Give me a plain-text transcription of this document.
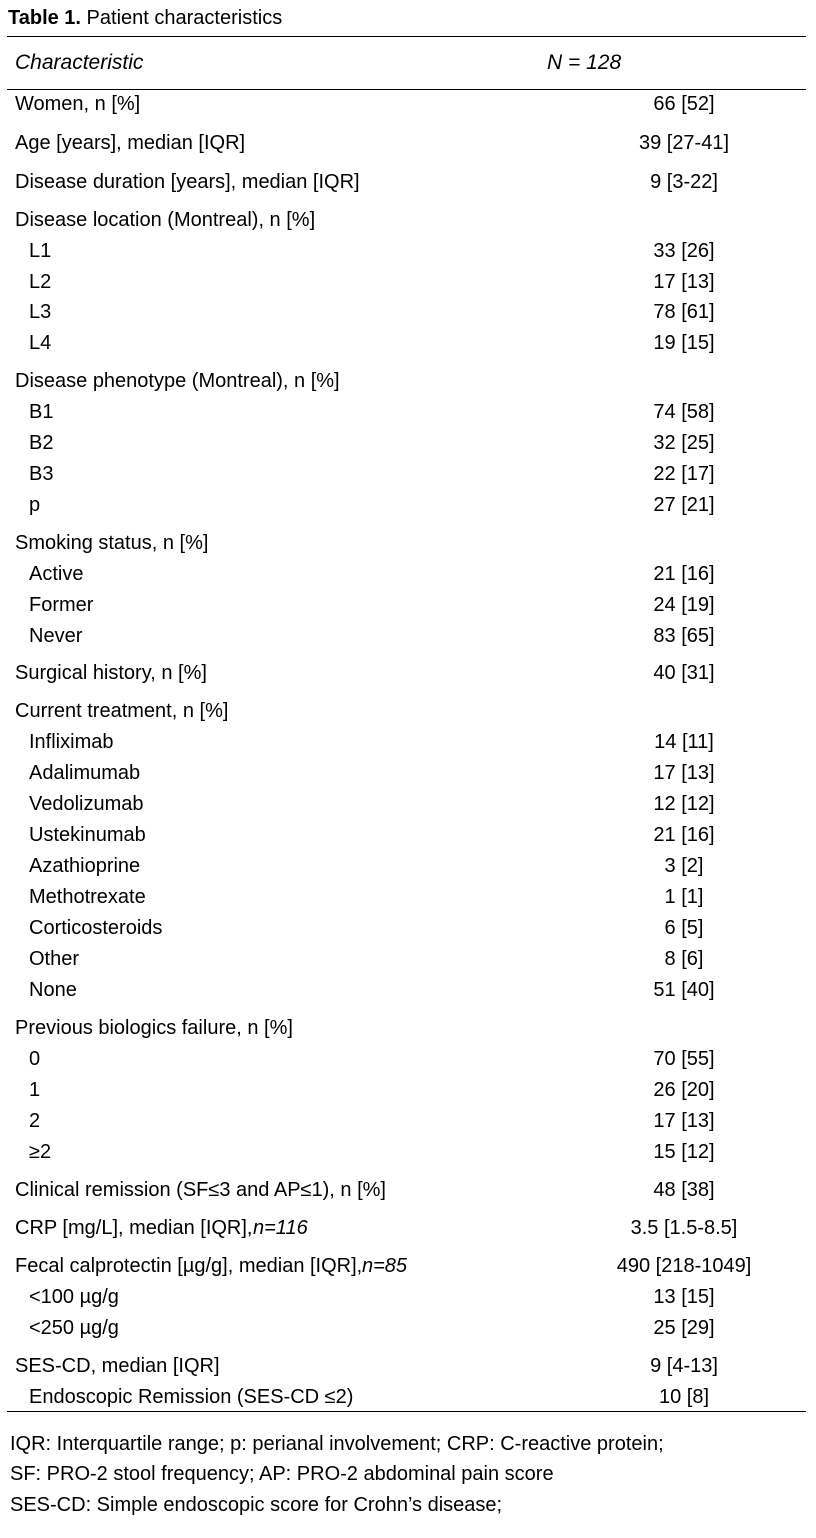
Table 1. Patient characteristics
Characteristic	N = 128
Women, n [%]	66 [52]
Age [years], median [IQR]	39 [27-41]
Disease duration [years], median [IQR]	9 [3-22]
Disease location (Montreal), n [%]
L1	33 [26]
L2	17 [13]
L3	78 [61]
L4	19 [15]
Disease phenotype (Montreal), n [%]
B1	74 [58]
B2	32 [25]
B3	22 [17]
p	27 [21]
Smoking status, n [%]
Active	21 [16]
Former	24 [19]
Never	83 [65]
Surgical history, n [%]	40 [31]
Current treatment, n [%]
Infliximab	14 [11]
Adalimumab	17 [13]
Vedolizumab	12 [12]
Ustekinumab	21 [16]
Azathioprine	3 [2]
Methotrexate	1 [1]
Corticosteroids	6 [5]
Other	8 [6]
None	51 [40]
Previous biologics failure, n [%]
0	70 [55]
1	26 [20]
2	17 [13]
≥2	15 [12]
Clinical remission (SF≤3 and AP≤1), n [%]	48 [38]
CRP [mg/L], median [IQR], n=116	3.5 [1.5-8.5]
Fecal calprotectin [µg/g], median [IQR], n=85	490 [218-1049]
<100 µg/g	13 [15]
<250 µg/g	25 [29]
SES-CD, median [IQR]	9 [4-13]
Endoscopic Remission (SES-CD ≤2)	10 [8]
IQR: Interquartile range; p: perianal involvement; CRP: C-reactive protein;
SF: PRO-2 stool frequency; AP: PRO-2 abdominal pain score
SES-CD: Simple endoscopic score for Crohn’s disease;
